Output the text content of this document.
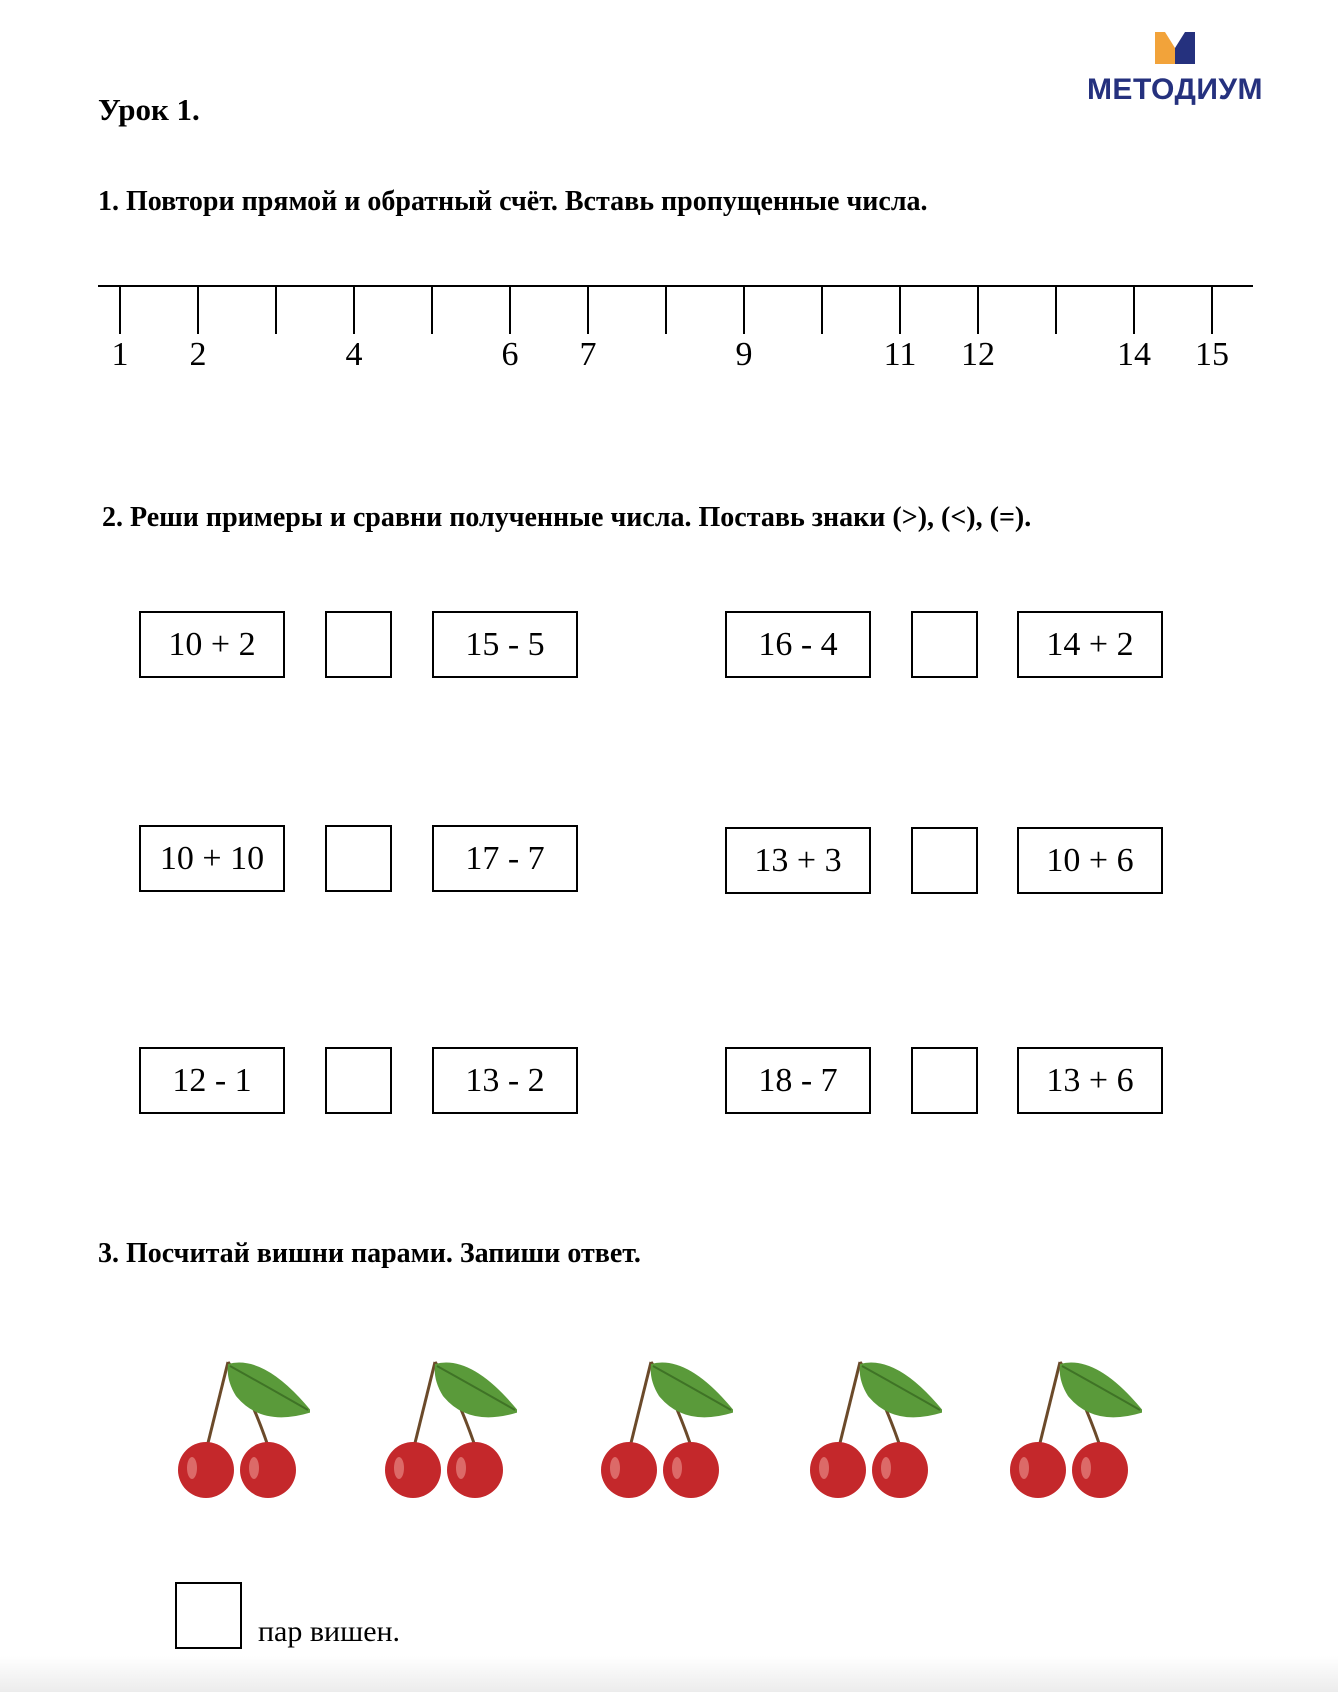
Урок 1.
МЕТОДИУМ
1. Повтори прямой и обратный счёт. Вставь пропущенные числа.
1	2	4	6	7	9	11	12	14	15
2. Реши примеры и сравни полученные числа. Поставь знаки (>), (<), (=).
10 + 2	15 - 5	16 - 4	14 + 2
10 + 10	17 - 7	13 + 3	10 + 6
12 - 1	13 - 2	18 - 7	13 + 6
3. Посчитай вишни парами. Запиши ответ.
пар вишен.
